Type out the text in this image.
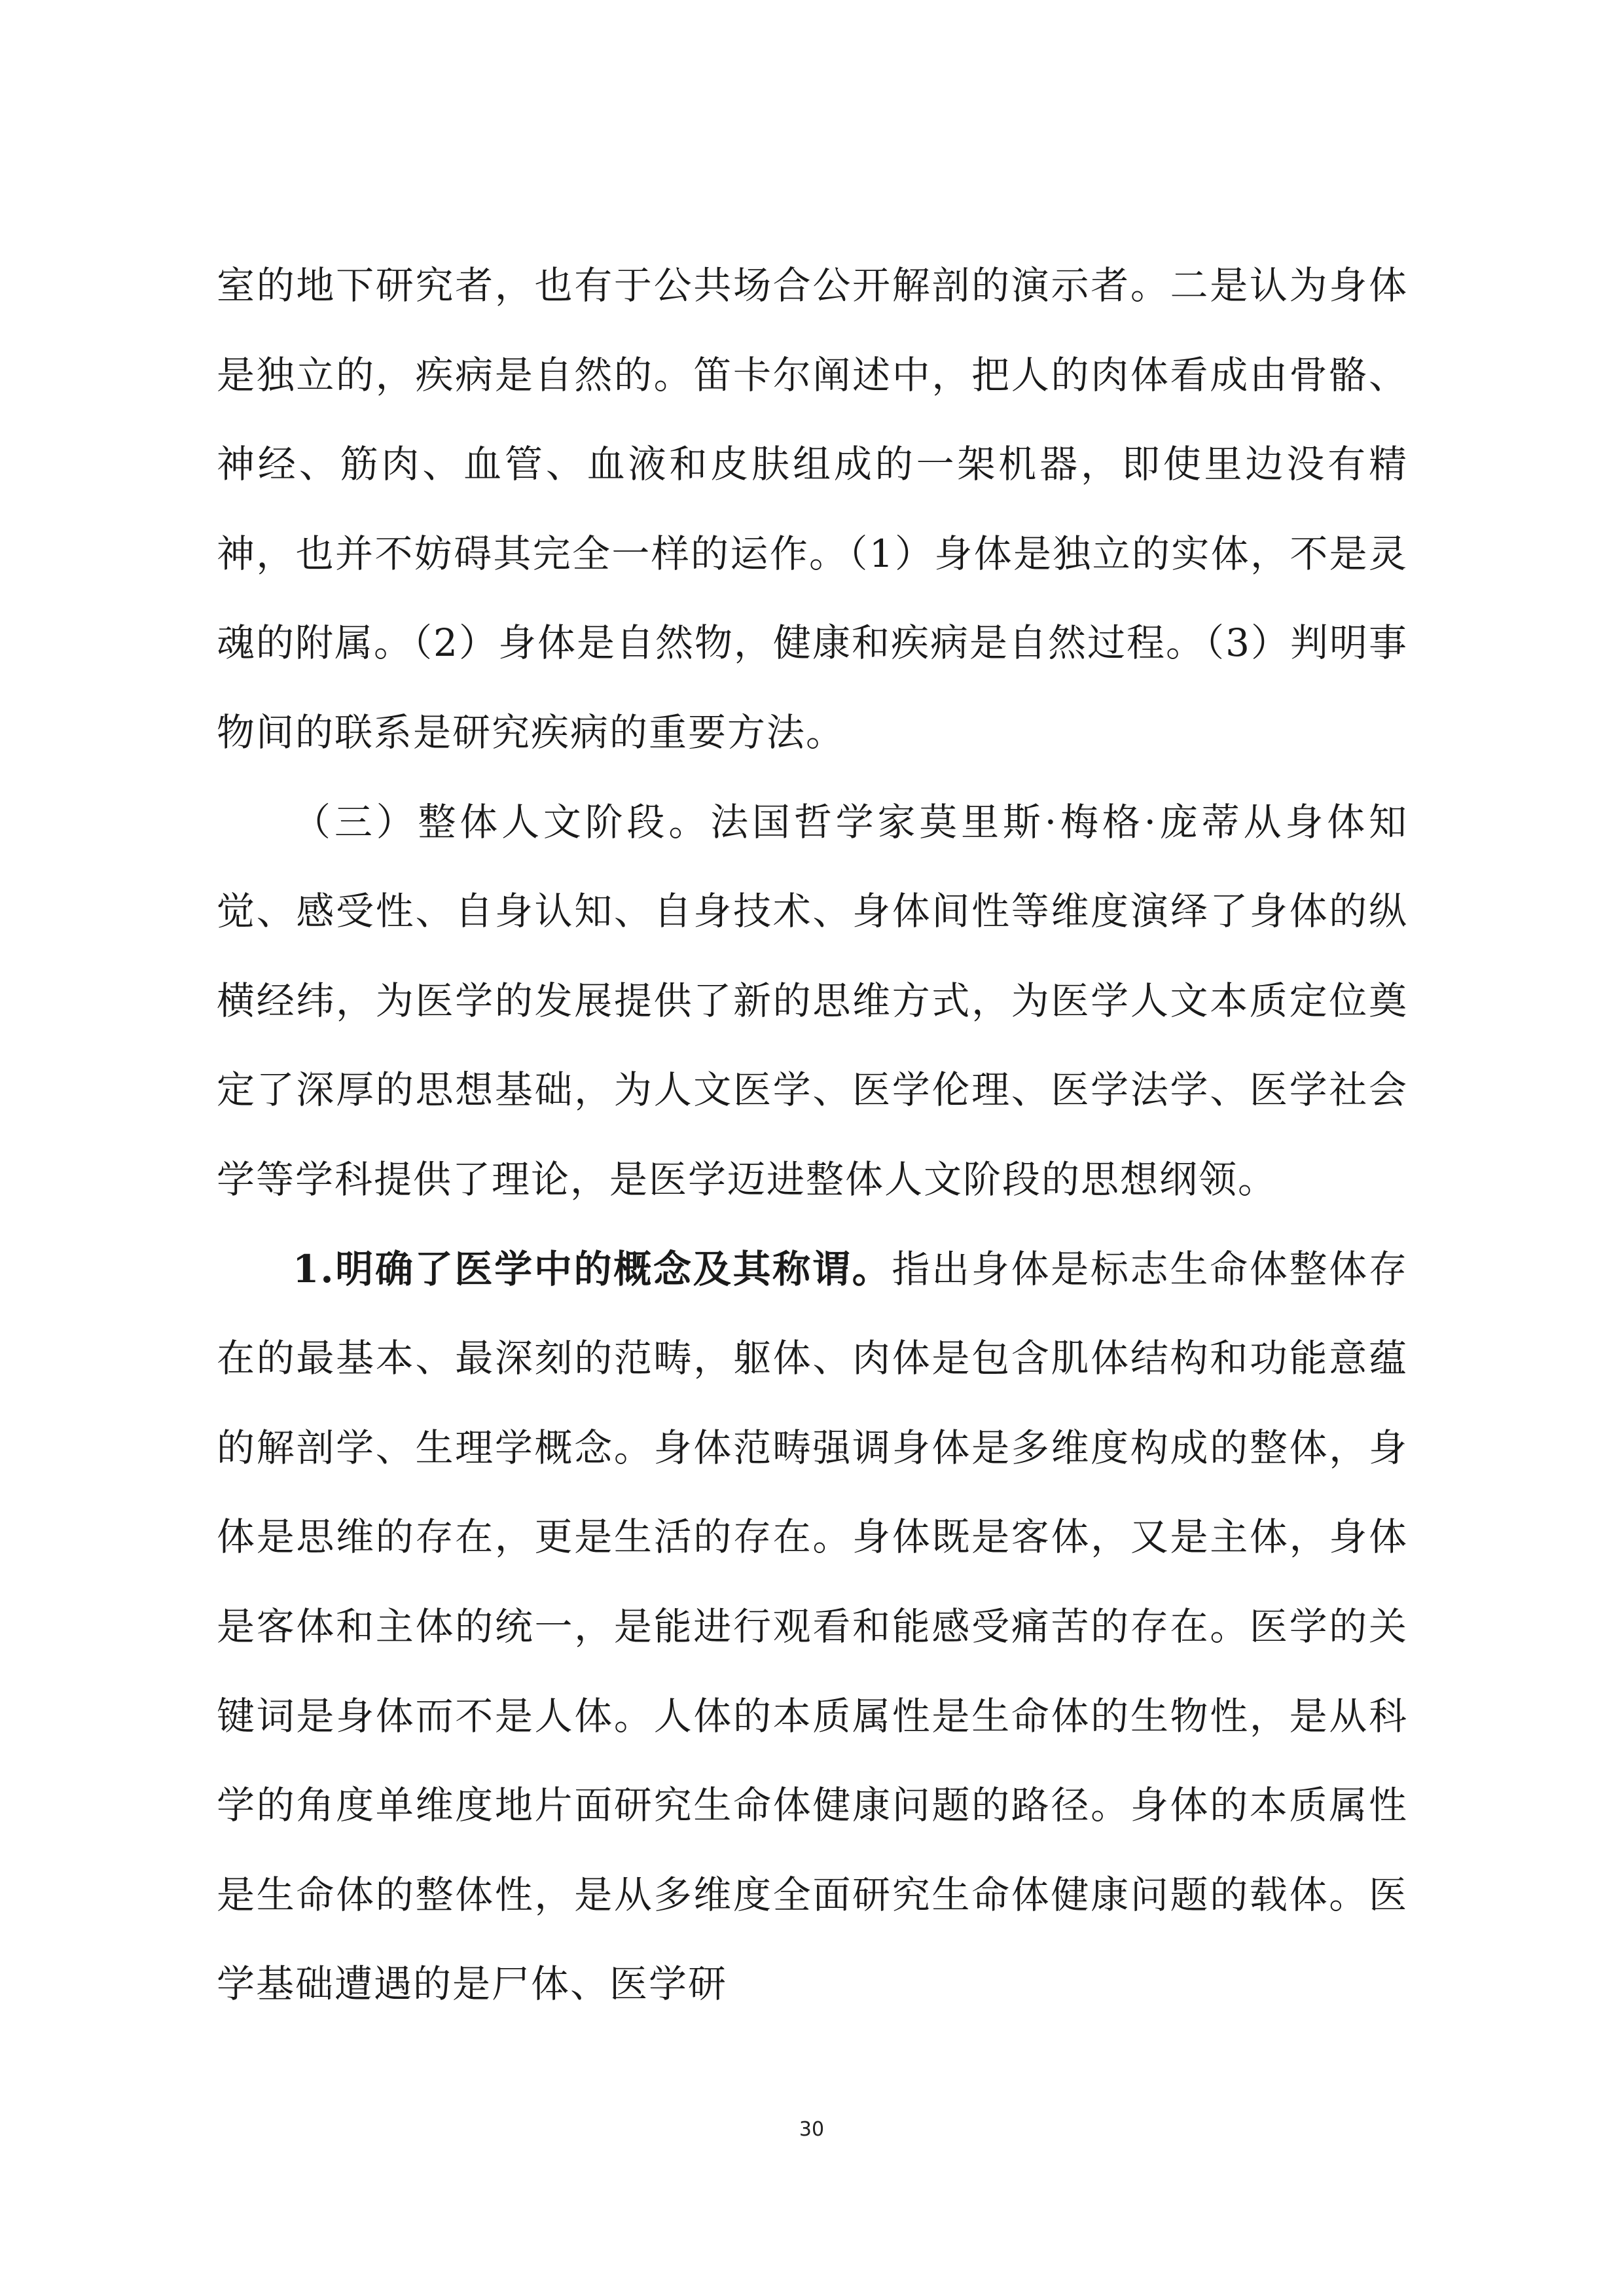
室的地下研究者，也有于公共场合公开解剖的演示者。二是认为身体是独立的，疾病是自然的。笛卡尔阐述中，把人的肉体看成由骨骼、神经、筋肉、血管、血液和皮肤组成的一架机器，即使里边没有精神，也并不妨碍其完全一样的运作。（1）身体是独立的实体，不是灵魂的附属。（2）身体是自然物，健康和疾病是自然过程。（3）判明事物间的联系是研究疾病的重要方法。

（三）整体人文阶段。法国哲学家莫里斯·梅格·庞蒂从身体知觉、感受性、自身认知、自身技术、身体间性等维度演绎了身体的纵横经纬，为医学的发展提供了新的思维方式，为医学人文本质定位奠定了深厚的思想基础，为人文医学、医学伦理、医学法学、医学社会学等学科提供了理论，是医学迈进整体人文阶段的思想纲领。

1.明确了医学中的概念及其称谓。指出身体是标志生命体整体存在的最基本、最深刻的范畴，躯体、肉体是包含肌体结构和功能意蕴的解剖学、生理学概念。身体范畴强调身体是多维度构成的整体，身体是思维的存在，更是生活的存在。身体既是客体，又是主体，身体是客体和主体的统一，是能进行观看和能感受痛苦的存在。医学的关键词是身体而不是人体。人体的本质属性是生命体的生物性，是从科学的角度单维度地片面研究生命体健康问题的路径。身体的本质属性是生命体的整体性，是从多维度全面研究生命体健康问题的载体。医学基础遭遇的是尸体、医学研

30
